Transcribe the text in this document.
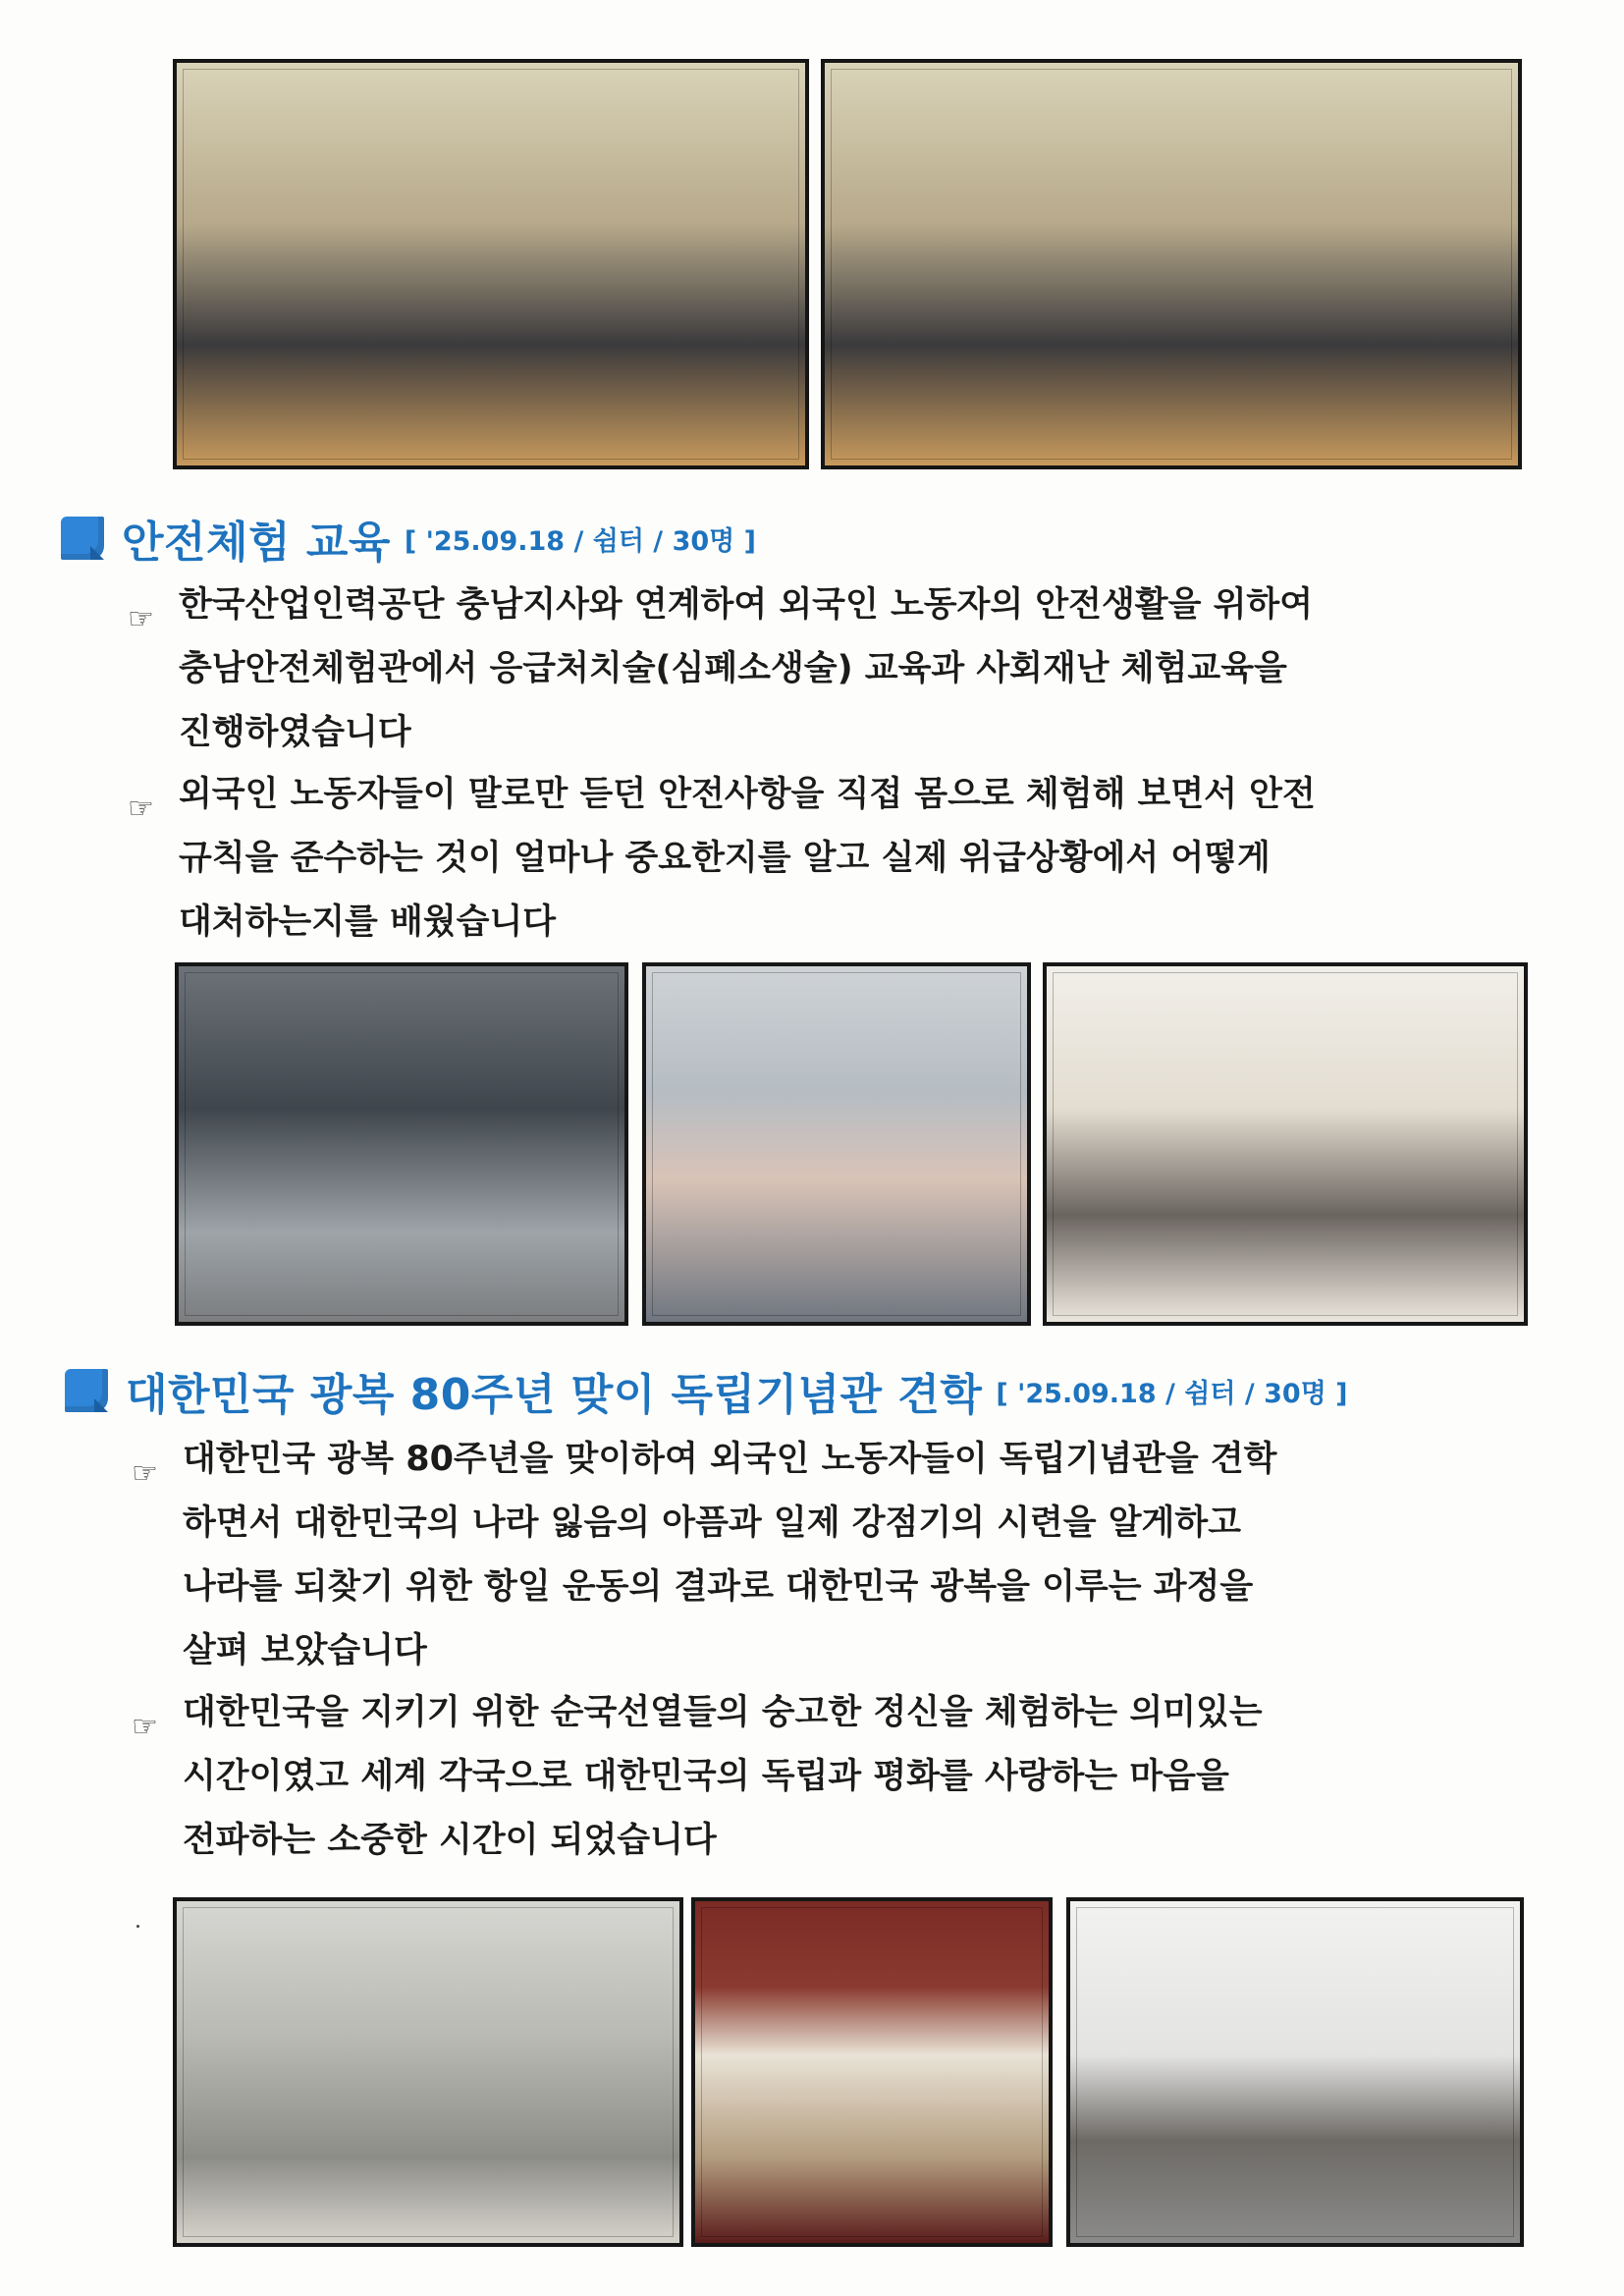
안전체험 교육 [ '25.09.18 / 쉼터 / 30명 ]
☞ 한국산업인력공단 충남지사와 연계하여 외국인 노동자의 안전생활을 위하여
충남안전체험관에서 응급처치술(심폐소생술) 교육과 사회재난 체험교육을
진행하였습니다
☞ 외국인 노동자들이 말로만 듣던 안전사항을 직접 몸으로 체험해 보면서 안전
규칙을 준수하는 것이 얼마나 중요한지를 알고 실제 위급상황에서 어떻게
대처하는지를 배웠습니다
대한민국 광복 80주년 맞이 독립기념관 견학 [ '25.09.18 / 쉼터 / 30명 ]
☞ 대한민국 광복 80주년을 맞이하여 외국인 노동자들이 독립기념관을 견학
하면서 대한민국의 나라 잃음의 아픔과 일제 강점기의 시련을 알게하고
나라를 되찾기 위한 항일 운동의 결과로 대한민국 광복을 이루는 과정을
살펴 보았습니다
☞ 대한민국을 지키기 위한 순국선열들의 숭고한 정신을 체험하는 의미있는
시간이였고 세계 각국으로 대한민국의 독립과 평화를 사랑하는 마음을
전파하는 소중한 시간이 되었습니다
